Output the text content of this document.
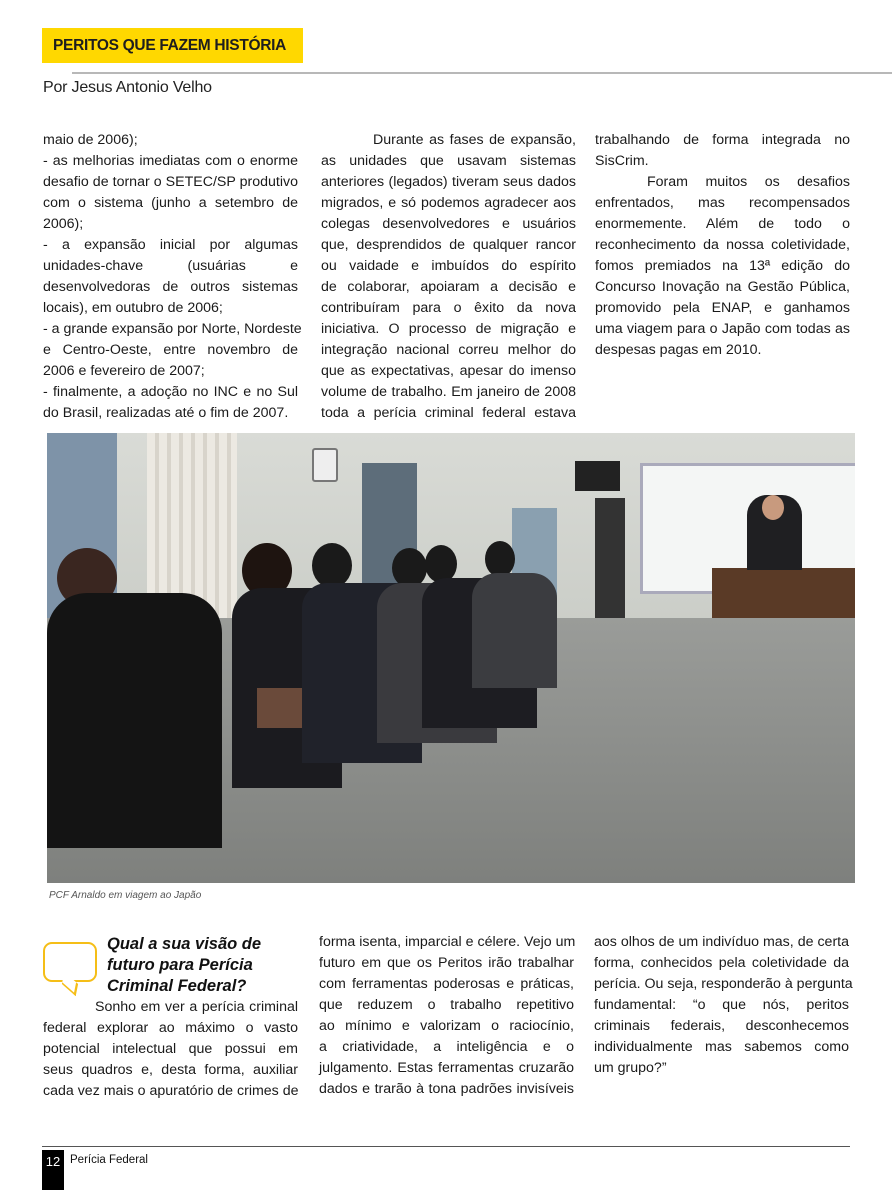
PERITOS QUE FAZEM HISTÓRIA
Por Jesus Antonio Velho
maio de 2006);
- as melhorias imediatas com o enorme
desafio de tornar o SETEC/SP produtivo
com o sistema (junho a setembro de
2006);
- a expansão inicial por algumas
unidades-chave (usuárias e
desenvolvedoras de outros sistemas
locais), em outubro de 2006;
- a grande expansão por Norte, Nordeste
e Centro-Oeste, entre novembro de
2006 e fevereiro de 2007;
- finalmente, a adoção no INC e no Sul
do Brasil, realizadas até o fim de 2007.
Durante as fases de expansão,
as unidades que usavam sistemas
anteriores (legados) tiveram seus dados
migrados, e só podemos agradecer aos
colegas desenvolvedores e usuários
que, desprendidos de qualquer rancor
ou vaidade e imbuídos do espírito
de colaborar, apoiaram a decisão e
contribuíram para o êxito da nova
iniciativa. O processo de migração e
integração nacional correu melhor do
que as expectativas, apesar do imenso
volume de trabalho. Em janeiro de 2008
toda a perícia criminal federal estava
trabalhando de forma integrada no
SisCrim.
Foram muitos os desafios
enfrentados, mas recompensados
enormemente. Além de todo o
reconhecimento da nossa coletividade,
fomos premiados na 13ª edição do
Concurso Inovação na Gestão Pública,
promovido pela ENAP, e ganhamos
uma viagem para o Japão com todas as
despesas pagas em 2010.
PCF Arnaldo em viagem ao Japão
Qual a sua visão de
futuro para Perícia
Criminal Federal?
Sonho em ver a perícia criminal
federal explorar ao máximo o vasto
potencial intelectual que possui em
seus quadros e, desta forma, auxiliar
cada vez mais o apuratório de crimes de
forma isenta, imparcial e célere. Vejo um
futuro em que os Peritos irão trabalhar
com ferramentas poderosas e práticas,
que reduzem o trabalho repetitivo
ao mínimo e valorizam o raciocínio,
a criatividade, a inteligência e o
julgamento. Estas ferramentas cruzarão
dados e trarão à tona padrões invisíveis
aos olhos de um indivíduo mas, de certa
forma, conhecidos pela coletividade da
perícia. Ou seja, responderão à pergunta
fundamental: “o que nós, peritos
criminais federais, desconhecemos
individualmente mas sabemos como
um grupo?”
12 Perícia Federal
